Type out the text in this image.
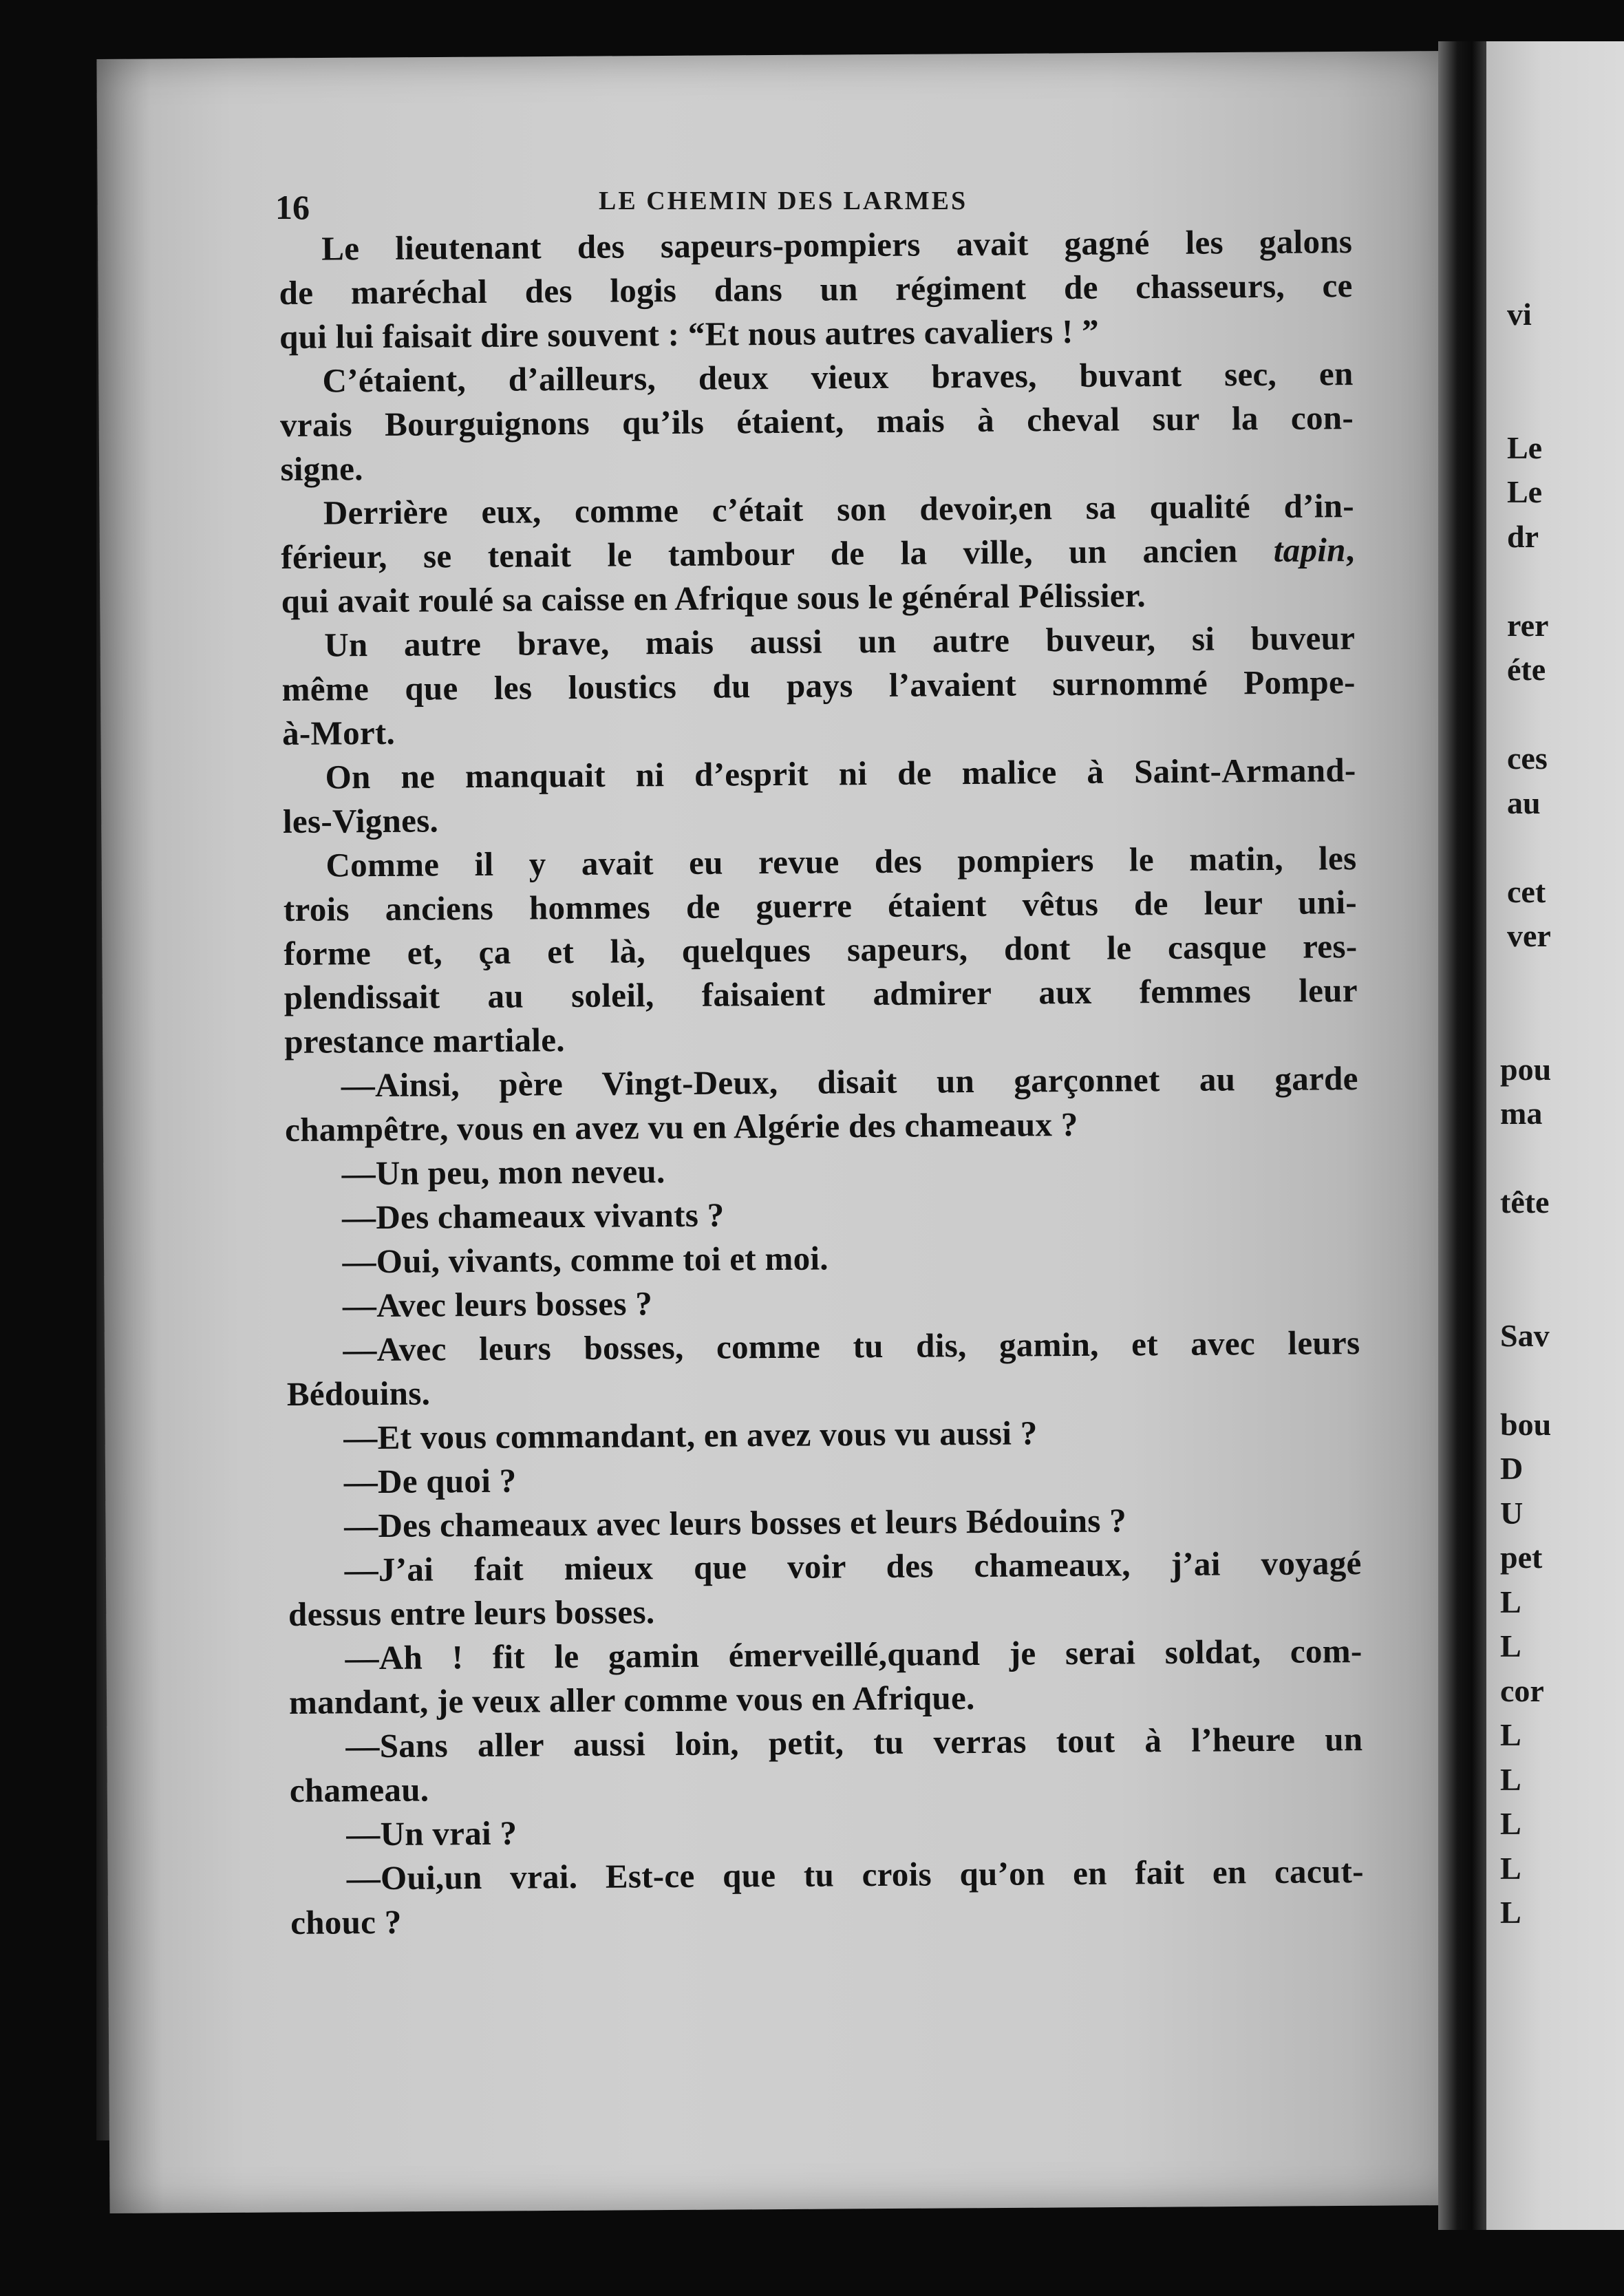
vi
Le
Le
dr
rer
éte
ces
au
cet
ver
pou
ma
tête
Sav
bou
D
U
pet
L
L
cor
L
L
L
L
L
16	LE CHEMIN DES LARMES
Le lieutenant des sapeurs-pompiers avait gagné les galons
de maréchal des logis dans un régiment de chasseurs, ce
qui lui faisait dire souvent : “Et nous autres cavaliers ! ”
C’étaient, d’ailleurs, deux vieux braves, buvant sec, en
vrais Bourguignons qu’ils étaient, mais à cheval sur la con-
signe.
Derrière eux, comme c’était son devoir,en sa qualité d’in-
férieur, se tenait le tambour de la ville, un ancien tapin,
qui avait roulé sa caisse en Afrique sous le général Pélissier.
Un autre brave, mais aussi un autre buveur, si buveur
même que les loustics du pays l’avaient surnommé Pompe-
à-Mort.
On ne manquait ni d’esprit ni de malice à Saint-Armand-
les-Vignes.
Comme il y avait eu revue des pompiers le matin, les
trois anciens hommes de guerre étaient vêtus de leur uni-
forme et, ça et là, quelques sapeurs, dont le casque res-
plendissait au soleil, faisaient admirer aux femmes leur
prestance martiale.
—Ainsi, père Vingt-Deux, disait un garçonnet au garde
champêtre, vous en avez vu en Algérie des chameaux ?
—Un peu, mon neveu.
—Des chameaux vivants ?
—Oui, vivants, comme toi et moi.
—Avec leurs bosses ?
—Avec leurs bosses, comme tu dis, gamin, et avec leurs
Bédouins.
—Et vous commandant, en avez vous vu aussi ?
—De quoi ?
—Des chameaux avec leurs bosses et leurs Bédouins ?
—J’ai fait mieux que voir des chameaux, j’ai voyagé
dessus entre leurs bosses.
—Ah ! fit le gamin émerveillé,quand je serai soldat, com-
mandant, je veux aller comme vous en Afrique.
—Sans aller aussi loin, petit, tu verras tout à l’heure un
chameau.
—Un vrai ?
—Oui,un vrai. Est-ce que tu crois qu’on en fait en cacut-
chouc ?
